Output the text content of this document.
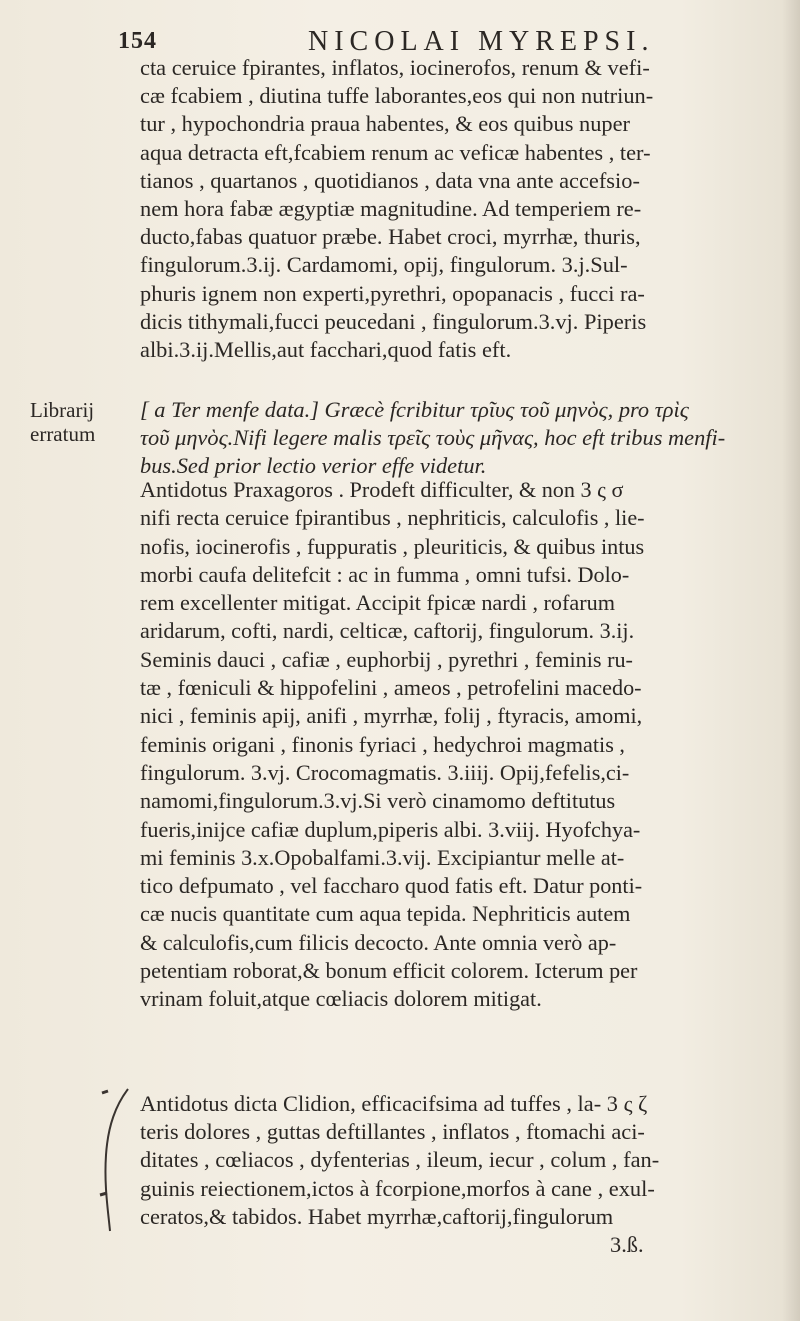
154	NICOLAI MYREPSI.
cta ceruice fpirantes, inflatos, iocinerofos, renum & vefi-
cæ fcabiem , diutina tuffe laborantes,eos qui non nutriun-
tur , hypochondria praua habentes, & eos quibus nuper
aqua detracta eft,fcabiem renum ac veficæ habentes , ter-
tianos , quartanos , quotidianos , data vna ante accefsio-
nem hora fabæ ægyptiæ magnitudine. Ad temperiem re-
ducto,fabas quatuor præbe. Habet croci, myrrhæ, thuris,
fingulorum.3.ij. Cardamomi, opij, fingulorum. 3.j.Sul-
phuris ignem non experti,pyrethri, opopanacis , fucci ra-
dicis tithymali,fucci peucedani , fingulorum.3.vj. Piperis
albi.3.ij.Mellis,aut facchari,quod fatis eft.
Librarij
erratum
[ a Ter menfe data.] Græcè fcribitur τρῖυς τοῦ μηνὸς, pro τρὶς
τοῦ μηνὸς.Nifi legere malis τρεῖς τοὺς μῆνας, hoc eft tribus menfi-
bus.Sed prior lectio verior effe videtur.
Antidotus Praxagoros . Prodeft difficulter, & non 3 ς σ
nifi recta ceruice fpirantibus , nephriticis, calculofis , lie-
nofis, iocinerofis , fuppuratis , pleuriticis, & quibus intus
morbi caufa delitefcit : ac in fumma , omni tufsi. Dolo-
rem excellenter mitigat. Accipit fpicæ nardi , rofarum
aridarum, cofti, nardi, celticæ, caftorij, fingulorum. 3.ij.
Seminis dauci , cafiæ , euphorbij , pyrethri , feminis ru-
tæ , fœniculi & hippofelini , ameos , petrofelini macedo-
nici , feminis apij, anifi , myrrhæ, folij , ftyracis, amomi,
feminis origani , finonis fyriaci , hedychroi magmatis ,
fingulorum. 3.vj. Crocomagmatis. 3.iiij. Opij,fefelis,ci-
namomi,fingulorum.3.vj.Si verò cinamomo deftitutus
fueris,inijce cafiæ duplum,piperis albi. 3.viij. Hyofchya-
mi feminis 3.x.Opobalfami.3.vij. Excipiantur melle at-
tico defpumato , vel faccharo quod fatis eft. Datur ponti-
cæ nucis quantitate cum aqua tepida. Nephriticis autem
& calculofis,cum filicis decocto. Ante omnia verò ap-
petentiam roborat,& bonum efficit colorem. Icterum per
vrinam foluit,atque cœliacis dolorem mitigat.
Antidotus dicta Clidion, efficacifsima ad tuffes , la- 3 ς ζ
teris dolores , guttas deftillantes , inflatos , ftomachi aci-
ditates , cœliacos , dyfenterias , ileum, iecur , colum , fan-
guinis reiectionem,ictos à fcorpione,morfos à cane , exul-
ceratos,& tabidos. Habet myrrhæ,caftorij,fingulorum
3.ß.
